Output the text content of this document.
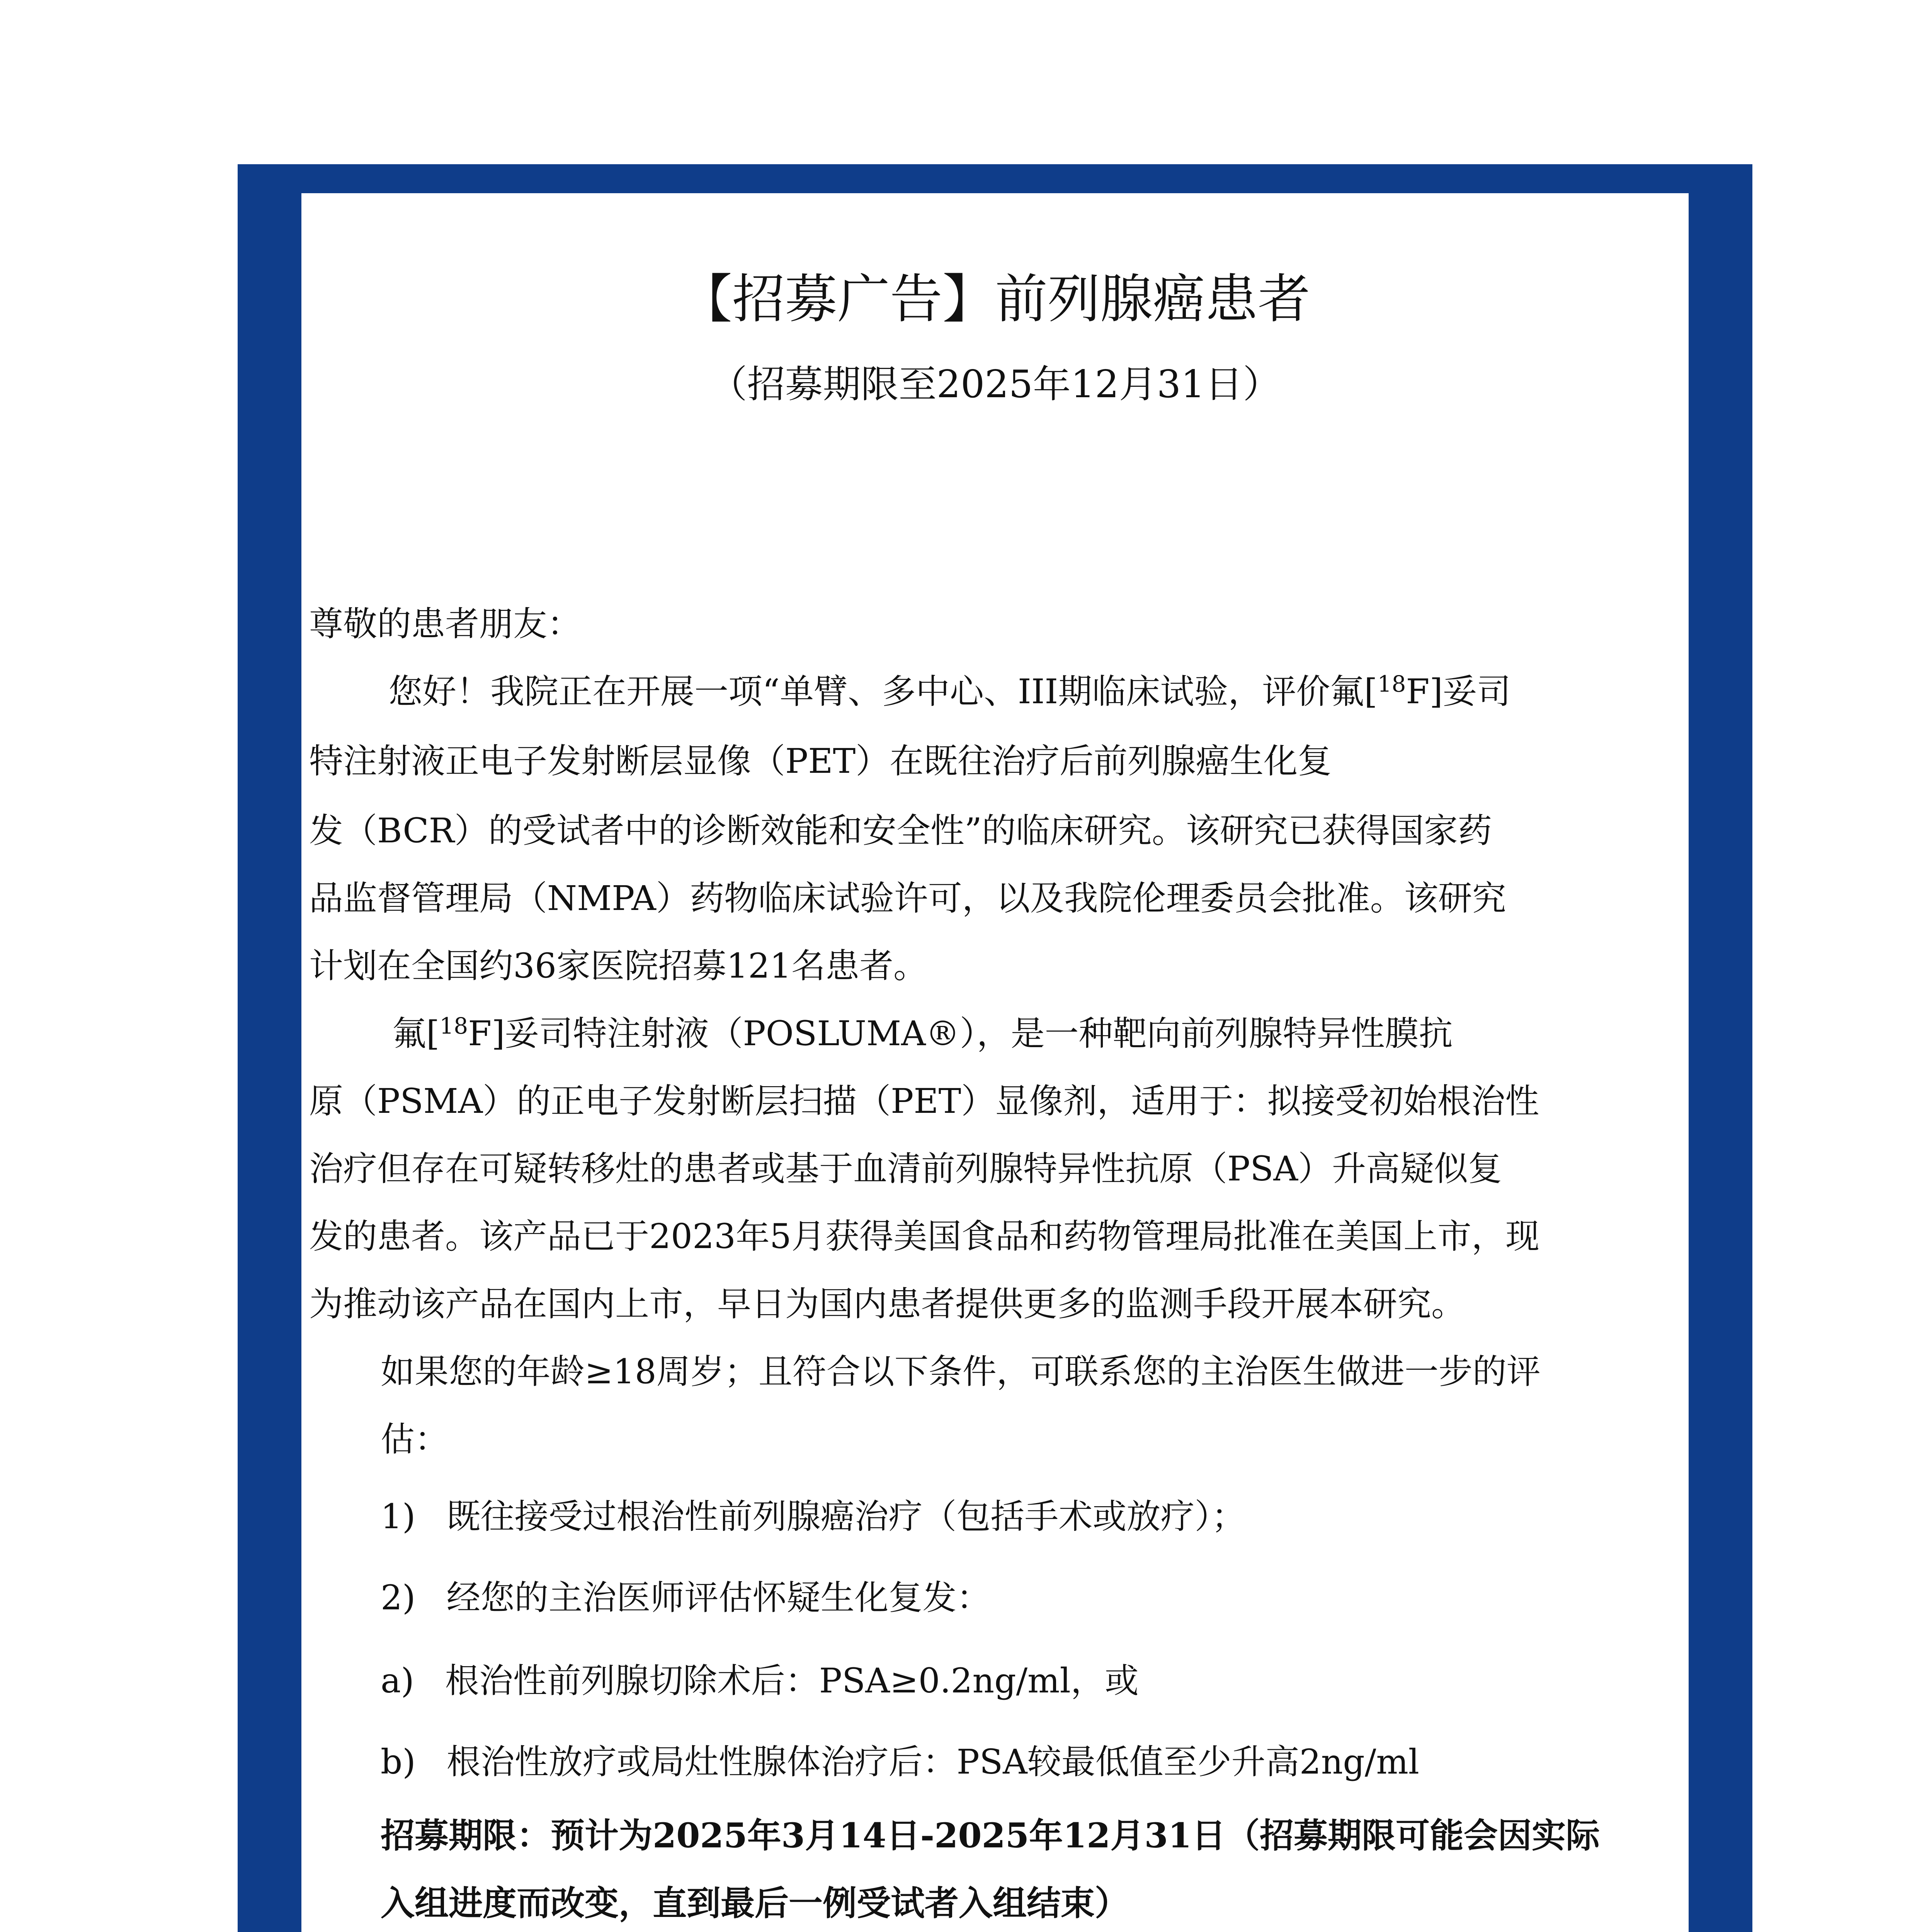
【招募广告】前列腺癌患者
（招募期限至2025年12月31日）

尊敬的患者朋友：

您好！我院正在开展一项“单臂、多中心、III期临床试验，评价氟[$^{18}$F]妥司

特注射液正电子发射断层显像（PET）在既往治疗后前列腺癌生化复

发（BCR）的受试者中的诊断效能和安全性”的临床研究。该研究已获得国家药

品监督管理局（NMPA）药物临床试验许可，以及我院伦理委员会批准。该研究

计划在全国约36家医院招募121名患者。

氟[$^{18}$F]妥司特注射液（POSLUMA®），是一种靶向前列腺特异性膜抗

原（PSMA）的正电子发射断层扫描（PET）显像剂，适用于：拟接受初始根治性

治疗但存在可疑转移灶的患者或基于血清前列腺特异性抗原（PSA）升高疑似复

发的患者。该产品已于2023年5月获得美国食品和药物管理局批准在美国上市，现

为推动该产品在国内上市，早日为国内患者提供更多的监测手段开展本研究。

如果您的年龄≥18周岁；且符合以下条件，可联系您的主治医生做进一步的评

估：

1) 既往接受过根治性前列腺癌治疗（包括手术或放疗）；

2) 经您的主治医师评估怀疑生化复发：

a) 根治性前列腺切除术后：PSA≥0.2ng/ml，或

b) 根治性放疗或局灶性腺体治疗后：PSA较最低值至少升高2ng/ml

招募期限：预计为2025年3月14日-2025年12月31日（招募期限可能会因实际

入组进度而改变，直到最后一例受试者入组结束）
